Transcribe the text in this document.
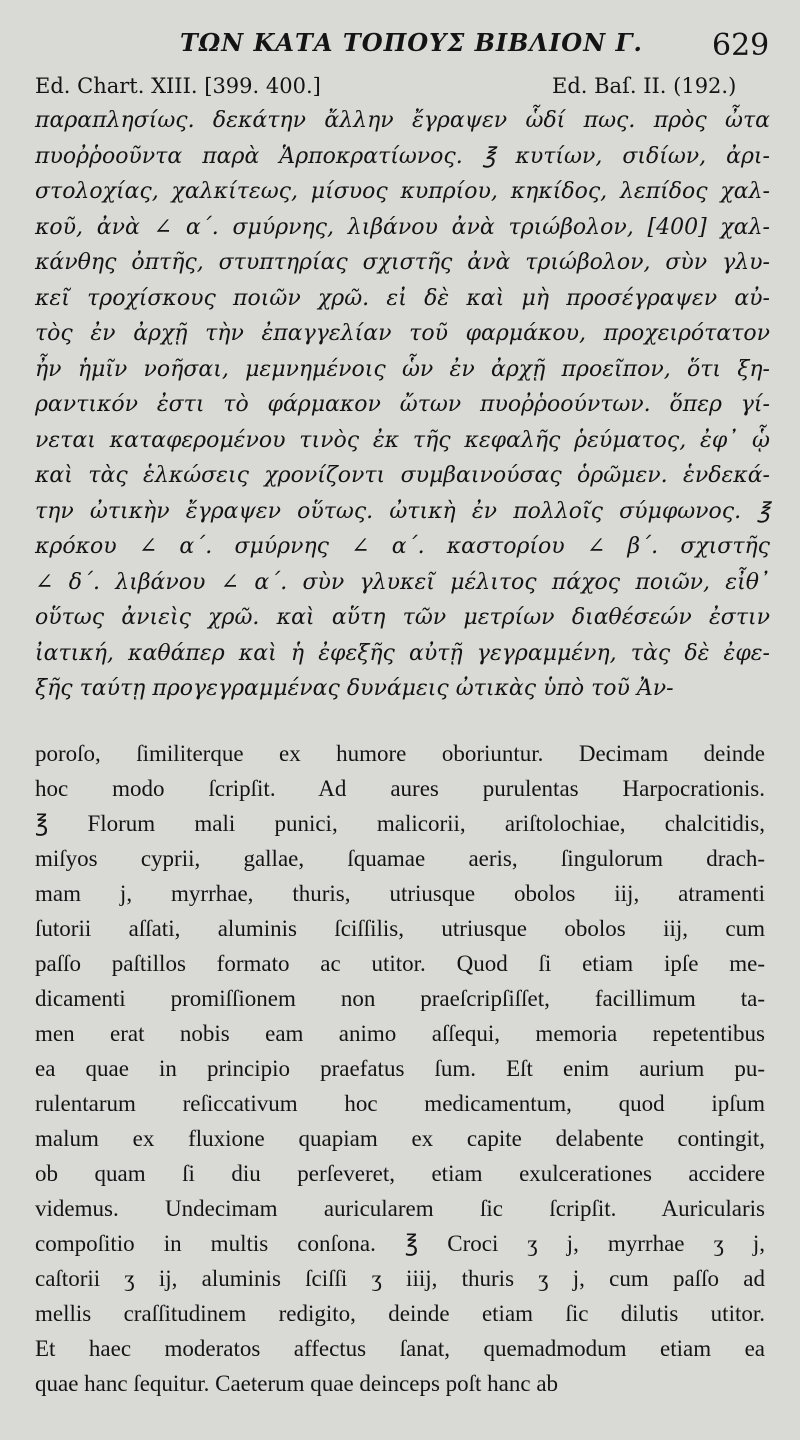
ΤΩΝ ΚΑΤΑ ΤΟΠΟΥΣ ΒΙΒΛΙΟΝ Γ. 629
Ed. Chart. XIII. [399. 400.]	Ed. Baſ. II. (192.)
παραπλησίως. δεκάτην ἄλλην ἔγραψεν ὧδί πως. πρὸς ὦτα
πυοῤῥοοῦντα παρὰ Ἁρποκρατίωνος. ℥ κυτίων, σιδίων, ἀρι-
στολοχίας, χαλκίτεως, μίσυος κυπρίου, κηκίδος, λεπίδος χαλ-
κοῦ, ἀνὰ ∠ α΄. σμύρνης, λιβάνου ἀνὰ τριώβολον, [400] χαλ-
κάνθης ὀπτῆς, στυπτηρίας σχιστῆς ἀνὰ τριώβολον, σὺν γλυ-
κεῖ τροχίσκους ποιῶν χρῶ. εἰ δὲ καὶ μὴ προσέγραψεν αὐ-
τὸς ἐν ἀρχῇ τὴν ἐπαγγελίαν τοῦ φαρμάκου, προχειρότατον
ἦν ἡμῖν νοῆσαι, μεμνημένοις ὧν ἐν ἀρχῇ προεῖπον, ὅτι ξη-
ραντικόν ἐστι τὸ φάρμακον ὤτων πυοῤῥοούντων. ὅπερ γί-
νεται καταφερομένου τινὸς ἐκ τῆς κεφαλῆς ῥεύματος, ἐφ᾽ ᾧ
καὶ τὰς ἑλκώσεις χρονίζοντι συμβαινούσας ὁρῶμεν. ἑνδεκά-
την ὠτικὴν ἔγραψεν οὕτως. ὠτικὴ ἐν πολλοῖς σύμφωνος. ℥
κρόκου ∠ α΄. σμύρνης ∠ α΄. καστορίου ∠ β΄. σχιστῆς
∠ δ΄. λιβάνου ∠ α΄. σὺν γλυκεῖ μέλιτος πάχος ποιῶν, εἶθ᾽
οὕτως ἀνιεὶς χρῶ. καὶ αὕτη τῶν μετρίων διαθέσεών ἐστιν
ἰατική, καθάπερ καὶ ἡ ἐφεξῆς αὐτῇ γεγραμμένη, τὰς δὲ ἐφε-
ξῆς ταύτῃ προγεγραμμένας δυνάμεις ὠτικὰς ὑπὸ τοῦ Ἀν-
poroſo, ſimiliterque ex humore oboriuntur. Decimam deinde
hoc modo ſcripſit. Ad aures purulentas Harpocrationis.
℥ Florum mali punici, malicorii, ariſtolochiae, chalcitidis,
miſyos cyprii, gallae, ſquamae aeris, ſingulorum drach-
mam j, myrrhae, thuris, utriusque obolos iij, atramenti
ſutorii aſſati, aluminis ſciſſilis, utriusque obolos iij, cum
paſſo paſtillos formato ac utitor. Quod ſi etiam ipſe me-
dicamenti promiſſionem non praeſcripſiſſet, facillimum ta-
men erat nobis eam animo aſſequi, memoria repetentibus
ea quae in principio praefatus ſum. Eſt enim aurium pu-
rulentarum reſiccativum hoc medicamentum, quod ipſum
malum ex fluxione quapiam ex capite delabente contingit,
ob quam ſi diu perſeveret, etiam exulcerationes accidere
videmus. Undecimam auricularem ſic ſcripſit. Auricularis
compoſitio in multis conſona. ℥ Croci ʒ j, myrrhae ʒ j,
caſtorii ʒ ij, aluminis ſciſſi ʒ iiij, thuris ʒ j, cum paſſo ad
mellis craſſitudinem redigito, deinde etiam ſic dilutis utitor.
Et haec moderatos affectus ſanat, quemadmodum etiam ea
quae hanc ſequitur. Caeterum quae deinceps poſt hanc ab
